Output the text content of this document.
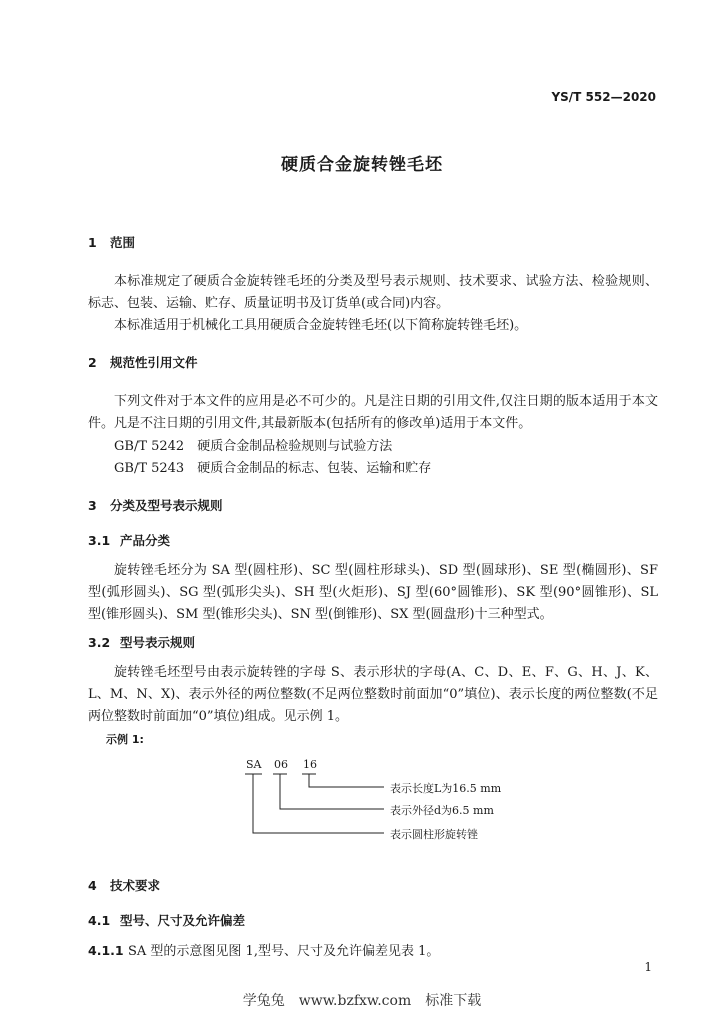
YS/T 552—2020
硬质合金旋转锉毛坯
1 范围
本标准规定了硬质合金旋转锉毛坯的分类及型号表示规则、技术要求、试验方法、检验规则、标志、包装、运输、贮存、质量证明书及订货单(或合同)内容。
本标准适用于机械化工具用硬质合金旋转锉毛坯(以下简称旋转锉毛坯)。
2 规范性引用文件
下列文件对于本文件的应用是必不可少的。凡是注日期的引用文件,仅注日期的版本适用于本文件。凡是不注日期的引用文件,其最新版本(包括所有的修改单)适用于本文件。
GB/T 5242　硬质合金制品检验规则与试验方法
GB/T 5243　硬质合金制品的标志、包装、运输和贮存
3 分类及型号表示规则
3.1 产品分类
旋转锉毛坯分为 SA 型(圆柱形)、SC 型(圆柱形球头)、SD 型(圆球形)、SE 型(椭圆形)、SF 型(弧形圆头)、SG 型(弧形尖头)、SH 型(火炬形)、SJ 型(60°圆锥形)、SK 型(90°圆锥形)、SL 型(锥形圆头)、SM 型(锥形尖头)、SN 型(倒锥形)、SX 型(圆盘形)十三种型式。
3.2 型号表示规则
旋转锉毛坯型号由表示旋转锉的字母 S、表示形状的字母(A、C、D、E、F、G、H、J、K、L、M、N、X)、表示外径的两位整数(不足两位整数时前面加“0”填位)、表示长度的两位整数(不足两位整数时前面加“0”填位)组成。见示例 1。
示例 1:
SA 06 16
表示长度L为16.5 mm
表示外径d为6.5 mm
表示圆柱形旋转锉
4 技术要求
4.1 型号、尺寸及允许偏差
4.1.1 SA 型的示意图见图 1,型号、尺寸及允许偏差见表 1。
1
学兔兔　www.bzfxw.com　标准下载
